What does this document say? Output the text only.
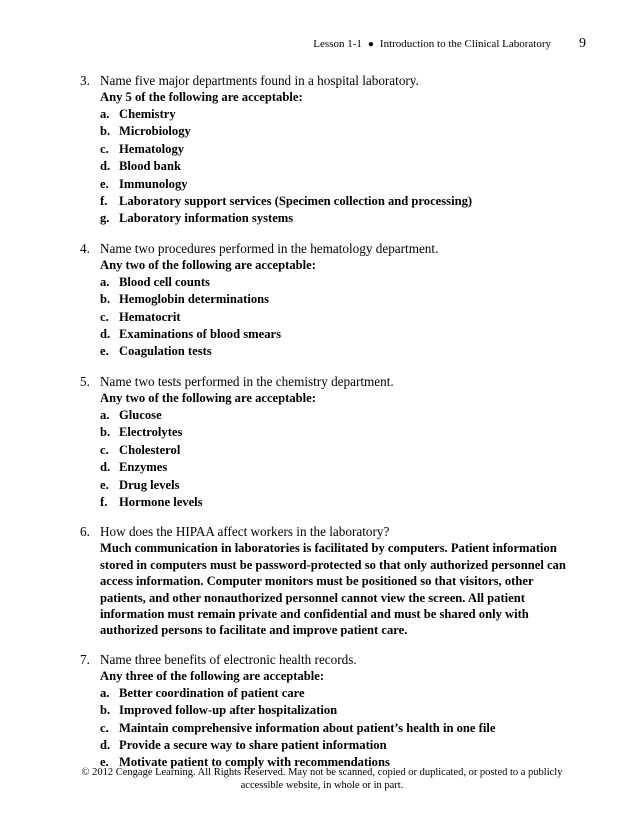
Lesson 1-1 ● Introduction to the Clinical Laboratory 9
3. Name five major departments found in a hospital laboratory.
Any 5 of the following are acceptable:
a. Chemistry
b. Microbiology
c. Hematology
d. Blood bank
e. Immunology
f. Laboratory support services (Specimen collection and processing)
g. Laboratory information systems
4. Name two procedures performed in the hematology department.
Any two of the following are acceptable:
a. Blood cell counts
b. Hemoglobin determinations
c. Hematocrit
d. Examinations of blood smears
e. Coagulation tests
5. Name two tests performed in the chemistry department.
Any two of the following are acceptable:
a. Glucose
b. Electrolytes
c. Cholesterol
d. Enzymes
e. Drug levels
f. Hormone levels
6. How does the HIPAA affect workers in the laboratory?
Much communication in laboratories is facilitated by computers. Patient information stored in computers must be password-protected so that only authorized personnel can access information. Computer monitors must be positioned so that visitors, other patients, and other nonauthorized personnel cannot view the screen. All patient information must remain private and confidential and must be shared only with authorized persons to facilitate and improve patient care.
7. Name three benefits of electronic health records.
Any three of the following are acceptable:
a. Better coordination of patient care
b. Improved follow-up after hospitalization
c. Maintain comprehensive information about patient’s health in one file
d. Provide a secure way to share patient information
e. Motivate patient to comply with recommendations
© 2012 Cengage Learning. All Rights Reserved. May not be scanned, copied or duplicated, or posted to a publicly accessible website, in whole or in part.
